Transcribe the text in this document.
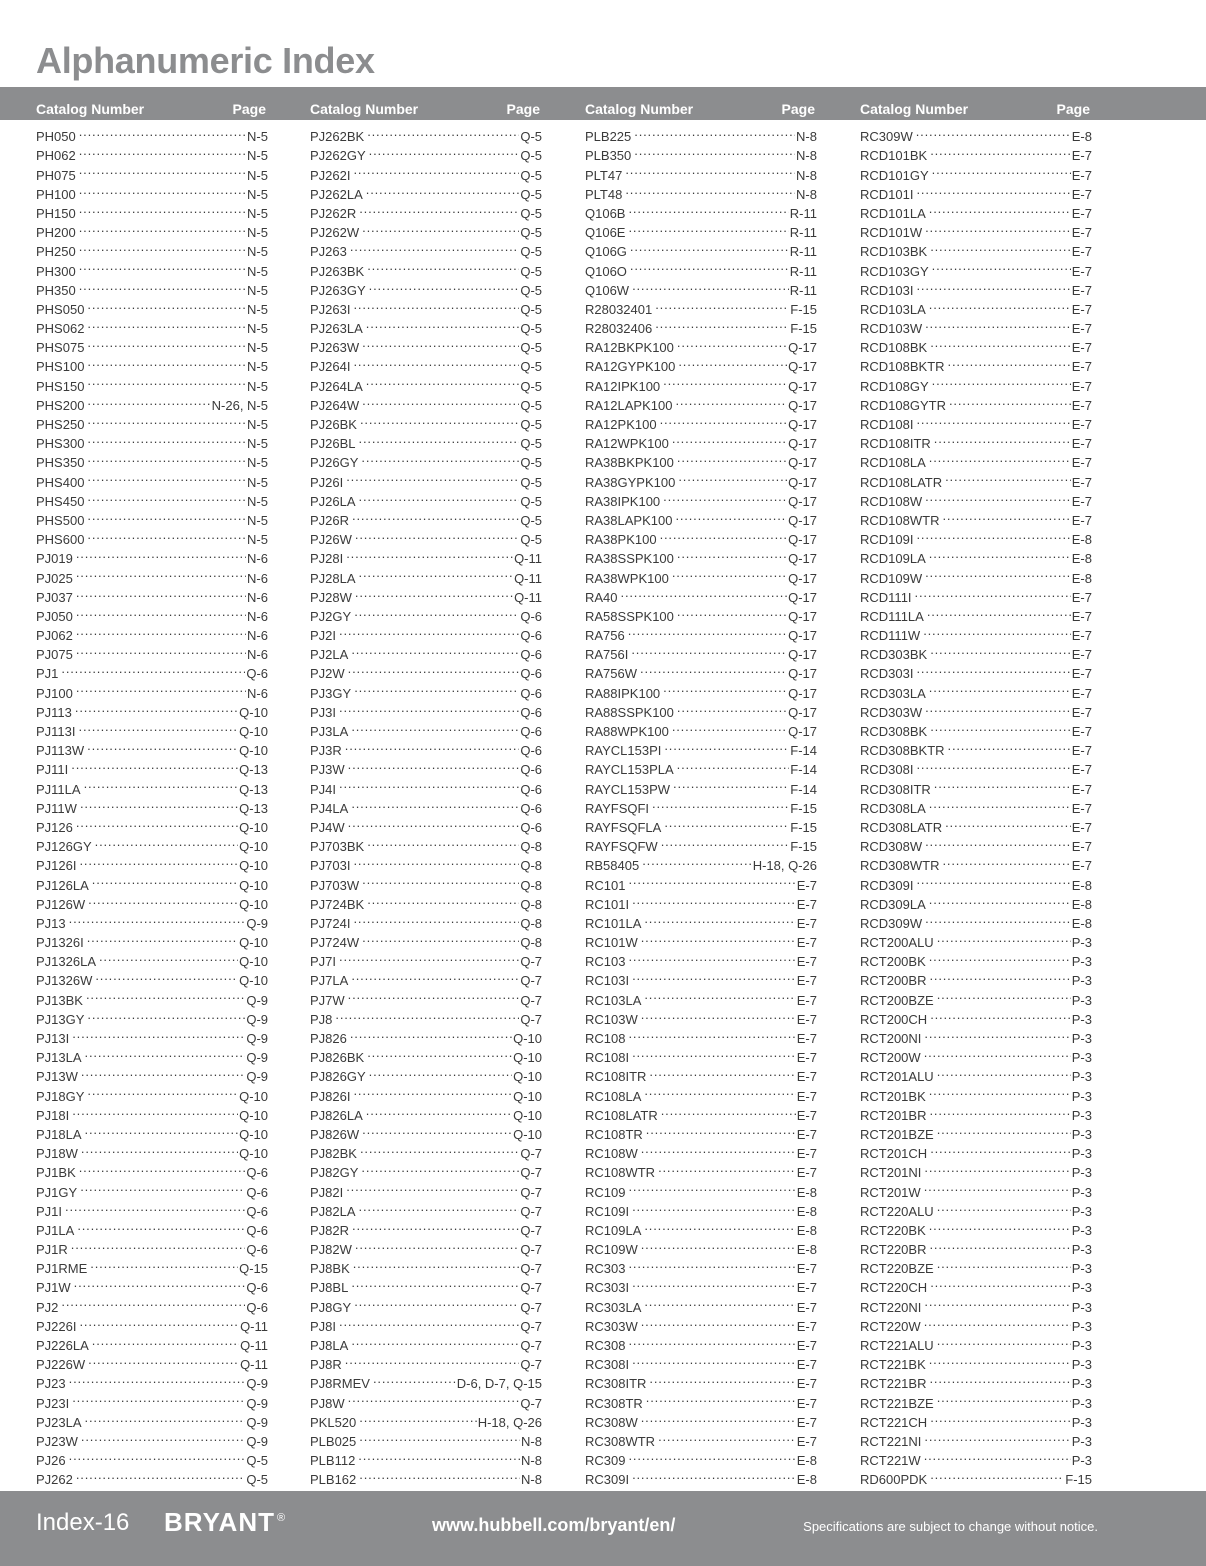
Alphanumeric Index
Catalog Number	Page
PH050 . . .	N-5
PH062 . . .	N-5
PH075 . . .	N-5
PH100 . . .	N-5
PH150 . . .	N-5
PH200 . . .	N-5
PH250 . . .	N-5
PH300 . . .	N-5
PH350 . . .	N-5
PHS050 . . .	N-5
PHS062 . . .	N-5
PHS075 . . .	N-5
PHS100 . . .	N-5
PHS150 . . .	N-5
PHS200 . . .	N-26, N-5
PHS250 . . .	N-5
PHS300 . . .	N-5
PHS350 . . .	N-5
PHS400 . . .	N-5
PHS450 . . .	N-5
PHS500 . . .	N-5
PHS600 . . .	N-5
PJ019 . . .	N-6
PJ025 . . .	N-6
PJ037 . . .	N-6
PJ050 . . .	N-6
PJ062 . . .	N-6
PJ075 . . .	N-6
PJ1 . . .	Q-6
PJ100 . . .	N-6
PJ113 . . .	Q-10
PJ113I . . .	Q-10
PJ113W . . .	Q-10
PJ11I . . .	Q-13
PJ11LA . . .	Q-13
PJ11W . . .	Q-13
PJ126 . . .	Q-10
PJ126GY . . .	Q-10
PJ126I . . .	Q-10
PJ126LA . . .	Q-10
PJ126W . . .	Q-10
PJ13 . . .	Q-9
PJ1326I . . .	Q-10
PJ1326LA . . .	Q-10
PJ1326W . . .	Q-10
PJ13BK . . .	Q-9
PJ13GY . . .	Q-9
PJ13I . . .	Q-9
PJ13LA . . .	Q-9
PJ13W . . .	Q-9
PJ18GY . . .	Q-10
PJ18I . . .	Q-10
PJ18LA . . .	Q-10
PJ18W . . .	Q-10
PJ1BK . . .	Q-6
PJ1GY . . .	Q-6
PJ1I . . .	Q-6
PJ1LA . . .	Q-6
PJ1R . . .	Q-6
PJ1RME . . .	Q-15
PJ1W . . .	Q-6
PJ2 . . .	Q-6
PJ226I . . .	Q-11
PJ226LA . . .	Q-11
PJ226W . . .	Q-11
PJ23 . . .	Q-9
PJ23I . . .	Q-9
PJ23LA . . .	Q-9
PJ23W . . .	Q-9
PJ26 . . .	Q-5
PJ262 . . .	Q-5
Catalog Number	Page
PJ262BK . . .	Q-5
PJ262GY . . .	Q-5
PJ262I . . .	Q-5
PJ262LA . . .	Q-5
PJ262R . . .	Q-5
PJ262W . . .	Q-5
PJ263 . . .	Q-5
PJ263BK . . .	Q-5
PJ263GY . . .	Q-5
PJ263I . . .	Q-5
PJ263LA . . .	Q-5
PJ263W . . .	Q-5
PJ264I . . .	Q-5
PJ264LA . . .	Q-5
PJ264W . . .	Q-5
PJ26BK . . .	Q-5
PJ26BL . . .	Q-5
PJ26GY . . .	Q-5
PJ26I . . .	Q-5
PJ26LA . . .	Q-5
PJ26R . . .	Q-5
PJ26W . . .	Q-5
PJ28I . . .	Q-11
PJ28LA . . .	Q-11
PJ28W . . .	Q-11
PJ2GY . . .	Q-6
PJ2I . . .	Q-6
PJ2LA . . .	Q-6
PJ2W . . .	Q-6
PJ3GY . . .	Q-6
PJ3I . . .	Q-6
PJ3LA . . .	Q-6
PJ3R . . .	Q-6
PJ3W . . .	Q-6
PJ4I . . .	Q-6
PJ4LA . . .	Q-6
PJ4W . . .	Q-6
PJ703BK . . .	Q-8
PJ703I . . .	Q-8
PJ703W . . .	Q-8
PJ724BK . . .	Q-8
PJ724I . . .	Q-8
PJ724W . . .	Q-8
PJ7I . . .	Q-7
PJ7LA . . .	Q-7
PJ7W . . .	Q-7
PJ8 . . .	Q-7
PJ826 . . .	Q-10
PJ826BK . . .	Q-10
PJ826GY . . .	Q-10
PJ826I . . .	Q-10
PJ826LA . . .	Q-10
PJ826W . . .	Q-10
PJ82BK . . .	Q-7
PJ82GY . . .	Q-7
PJ82I . . .	Q-7
PJ82LA . . .	Q-7
PJ82R . . .	Q-7
PJ82W . . .	Q-7
PJ8BK . . .	Q-7
PJ8BL . . .	Q-7
PJ8GY . . .	Q-7
PJ8I . . .	Q-7
PJ8LA . . .	Q-7
PJ8R . . .	Q-7
PJ8RMEV . . .	D-6, D-7, Q-15
PJ8W . . .	Q-7
PKL520 . . .	H-18, Q-26
PLB025 . . .	N-8
PLB112 . . .	N-8
PLB162 . . .	N-8
Catalog Number	Page
PLB225 . . .	N-8
PLB350 . . .	N-8
PLT47 . . .	N-8
PLT48 . . .	N-8
Q106B . . .	R-11
Q106E . . .	R-11
Q106G . . .	R-11
Q106O . . .	R-11
Q106W . . .	R-11
R28032401 . . .	F-15
R28032406 . . .	F-15
RA12BKPK100 . . .	Q-17
RA12GYPK100 . . .	Q-17
RA12IPK100 . . .	Q-17
RA12LAPK100 . . .	Q-17
RA12PK100 . . .	Q-17
RA12WPK100 . . .	Q-17
RA38BKPK100 . . .	Q-17
RA38GYPK100 . . .	Q-17
RA38IPK100 . . .	Q-17
RA38LAPK100 . . .	Q-17
RA38PK100 . . .	Q-17
RA38SSPK100 . . .	Q-17
RA38WPK100 . . .	Q-17
RA40 . . .	Q-17
RA58SSPK100 . . .	Q-17
RA756 . . .	Q-17
RA756I . . .	Q-17
RA756W . . .	Q-17
RA88IPK100 . . .	Q-17
RA88SSPK100 . . .	Q-17
RA88WPK100 . . .	Q-17
RAYCL153PI . . .	F-14
RAYCL153PLA . . .	F-14
RAYCL153PW . . .	F-14
RAYFSQFI . . .	F-15
RAYFSQFLA . . .	F-15
RAYFSQFW . . .	F-15
RB58405 . . .	H-18, Q-26
RC101 . . .	E-7
RC101I . . .	E-7
RC101LA . . .	E-7
RC101W . . .	E-7
RC103 . . .	E-7
RC103I . . .	E-7
RC103LA . . .	E-7
RC103W . . .	E-7
RC108 . . .	E-7
RC108I . . .	E-7
RC108ITR . . .	E-7
RC108LA . . .	E-7
RC108LATR . . .	E-7
RC108TR . . .	E-7
RC108W . . .	E-7
RC108WTR . . .	E-7
RC109 . . .	E-8
RC109I . . .	E-8
RC109LA . . .	E-8
RC109W . . .	E-8
RC303 . . .	E-7
RC303I . . .	E-7
RC303LA . . .	E-7
RC303W . . .	E-7
RC308 . . .	E-7
RC308I . . .	E-7
RC308ITR . . .	E-7
RC308TR . . .	E-7
RC308W . . .	E-7
RC308WTR . . .	E-7
RC309 . . .	E-8
RC309I . . .	E-8
Catalog Number	Page
RC309W . . .	E-8
RCD101BK . . .	E-7
RCD101GY . . .	E-7
RCD101I . . .	E-7
RCD101LA . . .	E-7
RCD101W . . .	E-7
RCD103BK . . .	E-7
RCD103GY . . .	E-7
RCD103I . . .	E-7
RCD103LA . . .	E-7
RCD103W . . .	E-7
RCD108BK . . .	E-7
RCD108BKTR . . .	E-7
RCD108GY . . .	E-7
RCD108GYTR . . .	E-7
RCD108I . . .	E-7
RCD108ITR . . .	E-7
RCD108LA . . .	E-7
RCD108LATR . . .	E-7
RCD108W . . .	E-7
RCD108WTR . . .	E-7
RCD109I . . .	E-8
RCD109LA . . .	E-8
RCD109W . . .	E-8
RCD111I . . .	E-7
RCD111LA . . .	E-7
RCD111W . . .	E-7
RCD303BK . . .	E-7
RCD303I . . .	E-7
RCD303LA . . .	E-7
RCD303W . . .	E-7
RCD308BK . . .	E-7
RCD308BKTR . . .	E-7
RCD308I . . .	E-7
RCD308ITR . . .	E-7
RCD308LA . . .	E-7
RCD308LATR . . .	E-7
RCD308W . . .	E-7
RCD308WTR . . .	E-7
RCD309I . . .	E-8
RCD309LA . . .	E-8
RCD309W . . .	E-8
RCT200ALU . . .	P-3
RCT200BK . . .	P-3
RCT200BR . . .	P-3
RCT200BZE . . .	P-3
RCT200CH . . .	P-3
RCT200NI . . .	P-3
RCT200W . . .	P-3
RCT201ALU . . .	P-3
RCT201BK . . .	P-3
RCT201BR . . .	P-3
RCT201BZE . . .	P-3
RCT201CH . . .	P-3
RCT201NI . . .	P-3
RCT201W . . .	P-3
RCT220ALU . . .	P-3
RCT220BK . . .	P-3
RCT220BR . . .	P-3
RCT220BZE . . .	P-3
RCT220CH . . .	P-3
RCT220NI . . .	P-3
RCT220W . . .	P-3
RCT221ALU . . .	P-3
RCT221BK . . .	P-3
RCT221BR . . .	P-3
RCT221BZE . . .	P-3
RCT221CH . . .	P-3
RCT221NI . . .	P-3
RCT221W . . .	P-3
RD600PDK . . .	F-15
Index-16 BRYANT ®	www.hubbell.com/bryant/en/	Specifications are subject to change without notice.
